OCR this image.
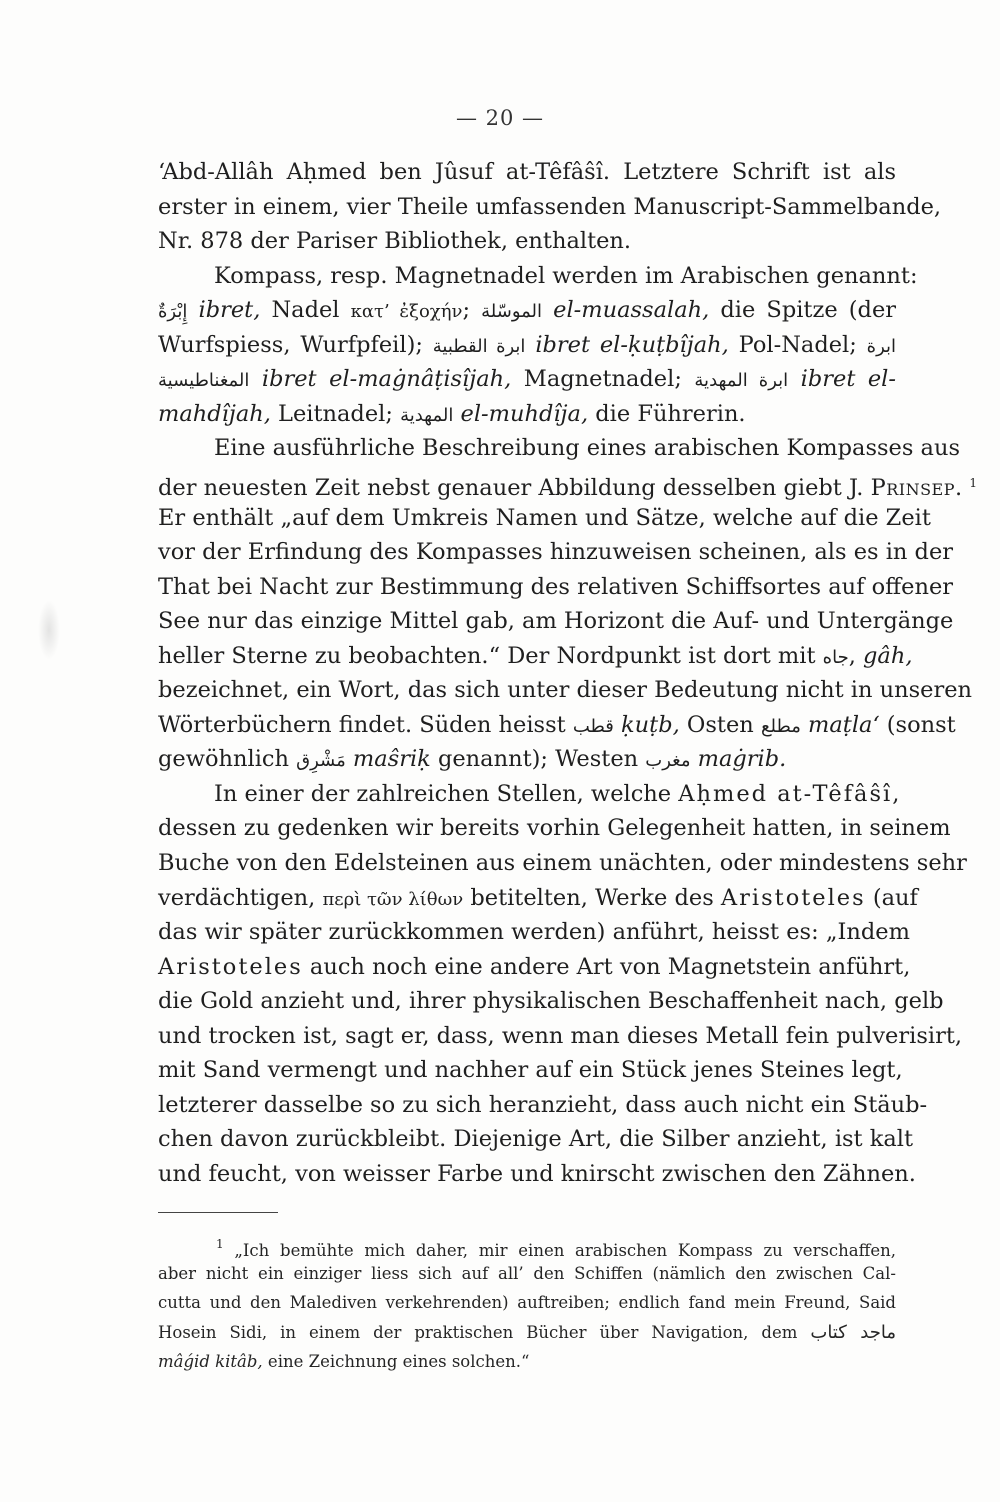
— 20 —
‘Abd-Allâh Aḥmed ben Jûsuf at-Têfâŝî. Letztere Schrift ist als
erster in einem, vier Theile umfassenden Manuscript-Sammelbande,
Nr. 878 der Pariser Bibliothek, enthalten.
Kompass, resp. Magnetnadel werden im Arabischen genannt:
إِبْرَةٌ ibret, Nadel κατ’ ἐξοχήν; الموسّلة el-muassalah, die Spitze (der
Wurfspiess, Wurfpfeil); ابرة القطبية ibret el-ḳuṭbîjah, Pol-Nadel; ابرة
المغناطيسية ibret el-maġnâṭisîjah, Magnetnadel; ابرة المهدية ibret el-
mahdîjah, Leitnadel; المهدية el-muhdîja, die Führerin.
Eine ausführliche Beschreibung eines arabischen Kompasses aus
der neuesten Zeit nebst genauer Abbildung desselben giebt J. Prinsep. $^1$
Er enthält „auf dem Umkreis Namen und Sätze, welche auf die Zeit
vor der Erfindung des Kompasses hinzuweisen scheinen, als es in der
That bei Nacht zur Bestimmung des relativen Schiffsortes auf offener
See nur das einzige Mittel gab, am Horizont die Auf- und Untergänge
heller Sterne zu beobachten.“ Der Nordpunkt ist dort mit جاه, gâh,
bezeichnet, ein Wort, das sich unter dieser Bedeutung nicht in unseren
Wörterbüchern findet. Süden heisst قطب ḳuṭb, Osten مطلع maṭla‘ (sonst
gewöhnlich مَشْرِق maŝriḳ genannt); Westen مغرب maġrib.
In einer der zahlreichen Stellen, welche Aḥmed at-Têfâŝî,
dessen zu gedenken wir bereits vorhin Gelegenheit hatten, in seinem
Buche von den Edelsteinen aus einem unächten, oder mindestens sehr
verdächtigen, περὶ τῶν λίθων betitelten, Werke des Aristoteles (auf
das wir später zurückkommen werden) anführt, heisst es: „Indem
Aristoteles auch noch eine andere Art von Magnetstein anführt,
die Gold anzieht und, ihrer physikalischen Beschaffenheit nach, gelb
und trocken ist, sagt er, dass, wenn man dieses Metall fein pulverisirt,
mit Sand vermengt und nachher auf ein Stück jenes Steines legt,
letzterer dasselbe so zu sich heranzieht, dass auch nicht ein Stäub-
chen davon zurückbleibt. Diejenige Art, die Silber anzieht, ist kalt
und feucht, von weisser Farbe und knirscht zwischen den Zähnen.
$^1$ „Ich bemühte mich daher, mir einen arabischen Kompass zu verschaffen,
aber nicht ein einziger liess sich auf all’ den Schiffen (nämlich den zwischen Cal-
cutta und den Malediven verkehrenden) auftreiben; endlich fand mein Freund, Said
Hosein Sidi, in einem der praktischen Bücher über Navigation, dem ماجد كتاب
mâǵid kitâb, eine Zeichnung eines solchen.“
